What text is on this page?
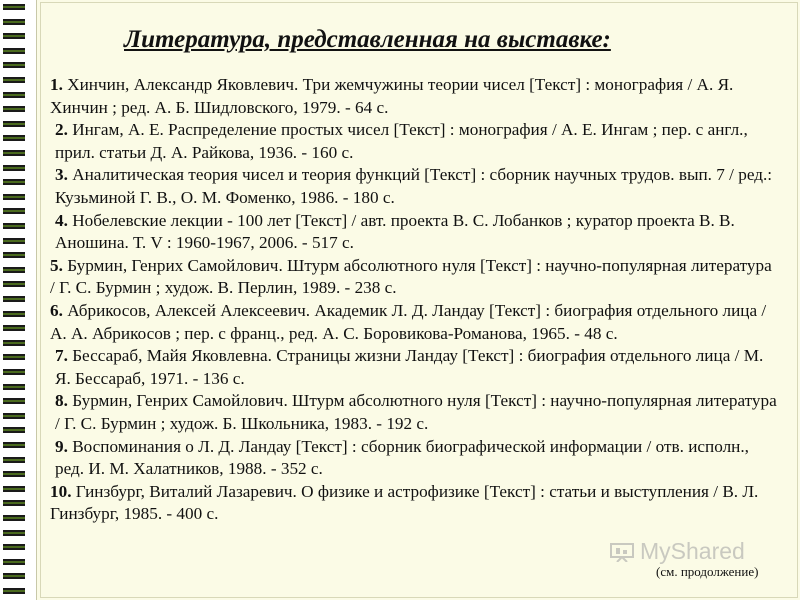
Литература, представленная на выставке:

1. Хинчин, Александр Яковлевич. Три жемчужины теории чисел [Текст] : монография / А. Я. Хинчин ; ред. А. Б. Шидловского, 1979. - 64 с.

2. Ингам, А. Е. Распределение простых чисел [Текст] : монография / А. Е. Ингам ; пер. с англ., прил. статьи Д. А. Райкова, 1936. - 160 с.

3. Аналитическая теория чисел и теория функций [Текст] : сборник научных трудов. вып. 7 / ред.: Кузьминой Г. В., О. М. Фоменко, 1986. - 180 с.

4. Нобелевские лекции - 100 лет [Текст] / авт. проекта В. С. Лобанков ; куратор проекта В. В. Аношина. Т. V : 1960-1967, 2006. - 517 с.

5. Бурмин, Генрих Самойлович. Штурм абсолютного нуля [Текст] : научно-популярная литература / Г. С. Бурмин ; худож. В. Перлин, 1989. - 238 с.

6. Абрикосов, Алексей Алексеевич. Академик Л. Д. Ландау [Текст] : биография отдельного лица / А. А. Абрикосов ; пер. с франц., ред. А. С. Боровикова-Романова, 1965. - 48 с.

7. Бессараб, Майя Яковлевна. Страницы жизни Ландау [Текст] : биография отдельного лица / М. Я. Бессараб, 1971. - 136 с.

8. Бурмин, Генрих Самойлович. Штурм абсолютного нуля [Текст] : научно-популярная литература / Г. С. Бурмин ; худож. Б. Школьника, 1983. - 192 с.

9. Воспоминания о Л. Д. Ландау [Текст] : сборник биографической информации / отв. исполн., ред. И. М. Халатников, 1988. - 352 с.

10. Гинзбург, Виталий Лазаревич. О физике и астрофизике [Текст] : статьи и выступления / В. Л. Гинзбург, 1985. - 400 с.

MyShared
(см. продолжение)
